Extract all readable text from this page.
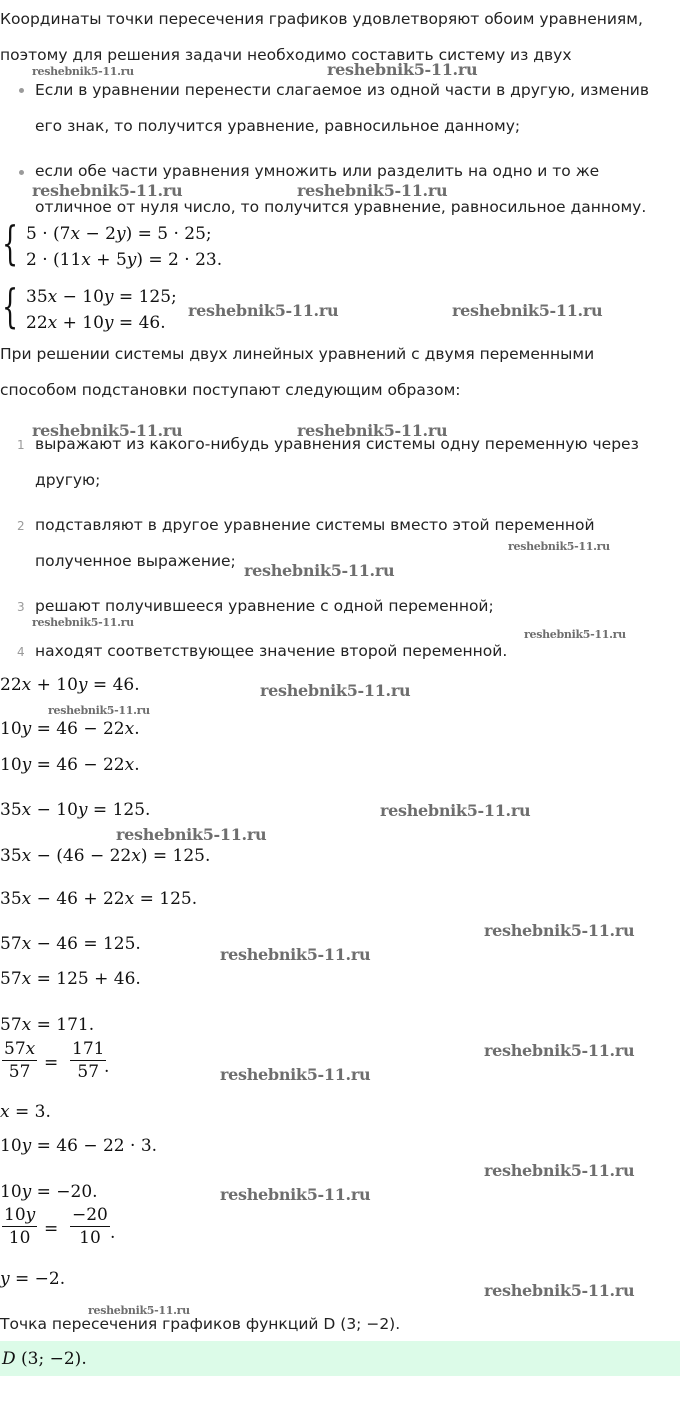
Координаты точки пересечения графиков удовлетворяют обоим уравнениям,
поэтому для решения задачи необходимо составить систему из двух
Если в уравнении перенести слагаемое из одной части в другую, изменив
его знак, то получится уравнение, равносильное данному;
если обе части уравнения умножить или разделить на одно и то же
отличное от нуля число, то получится уравнение, равносильное данному.
{ 5 · (7x − 2y) = 5 · 25;
2 · (11x + 5y) = 2 · 23.
{ 35x − 10y = 125;
22x + 10y = 46.
При решении системы двух линейных уравнений с двумя переменными
способом подстановки поступают следующим образом:
1 выражают из какого-нибудь уравнения системы одну переменную через
другую;
2 подставляют в другое уравнение системы вместо этой переменной
полученное выражение;
3 решают получившееся уравнение с одной переменной;
4 находят соответствующее значение второй переменной.
22x + 10y = 46.
10y = 46 − 22x.
10y = 46 − 22x.
35x − 10y = 125.
35x − (46 − 22x) = 125.
35x − 46 + 22x = 125.
57x − 46 = 125.
57x = 125 + 46.
57x = 171.
$\frac{57x}{57} = \frac{171}{57}$
.
x = 3.
10y = 46 − 22 · 3.
10y = −20.
$\frac{10y}{10} = \frac{-20}{10}$ .
y = −2.
Точка пересечения графиков функций D (3; −2).
D (3; −2).
reshebnik5-11.ru	reshebnik5-11.ru
reshebnik5-11.ru	reshebnik5-11.ru
reshebnik5-11.ru	reshebnik5-11.ru
reshebnik5-11.ru	reshebnik5-11.ru
reshebnik5-11.ru
reshebnik5-11.ru
reshebnik5-11.ru
reshebnik5-11.ru
reshebnik5-11.ru
reshebnik5-11.ru
reshebnik5-11.ru
reshebnik5-11.ru
reshebnik5-11.ru
reshebnik5-11.ru
reshebnik5-11.ru
reshebnik5-11.ru
reshebnik5-11.ru
reshebnik5-11.ru
reshebnik5-11.ru
reshebnik5-11.ru
